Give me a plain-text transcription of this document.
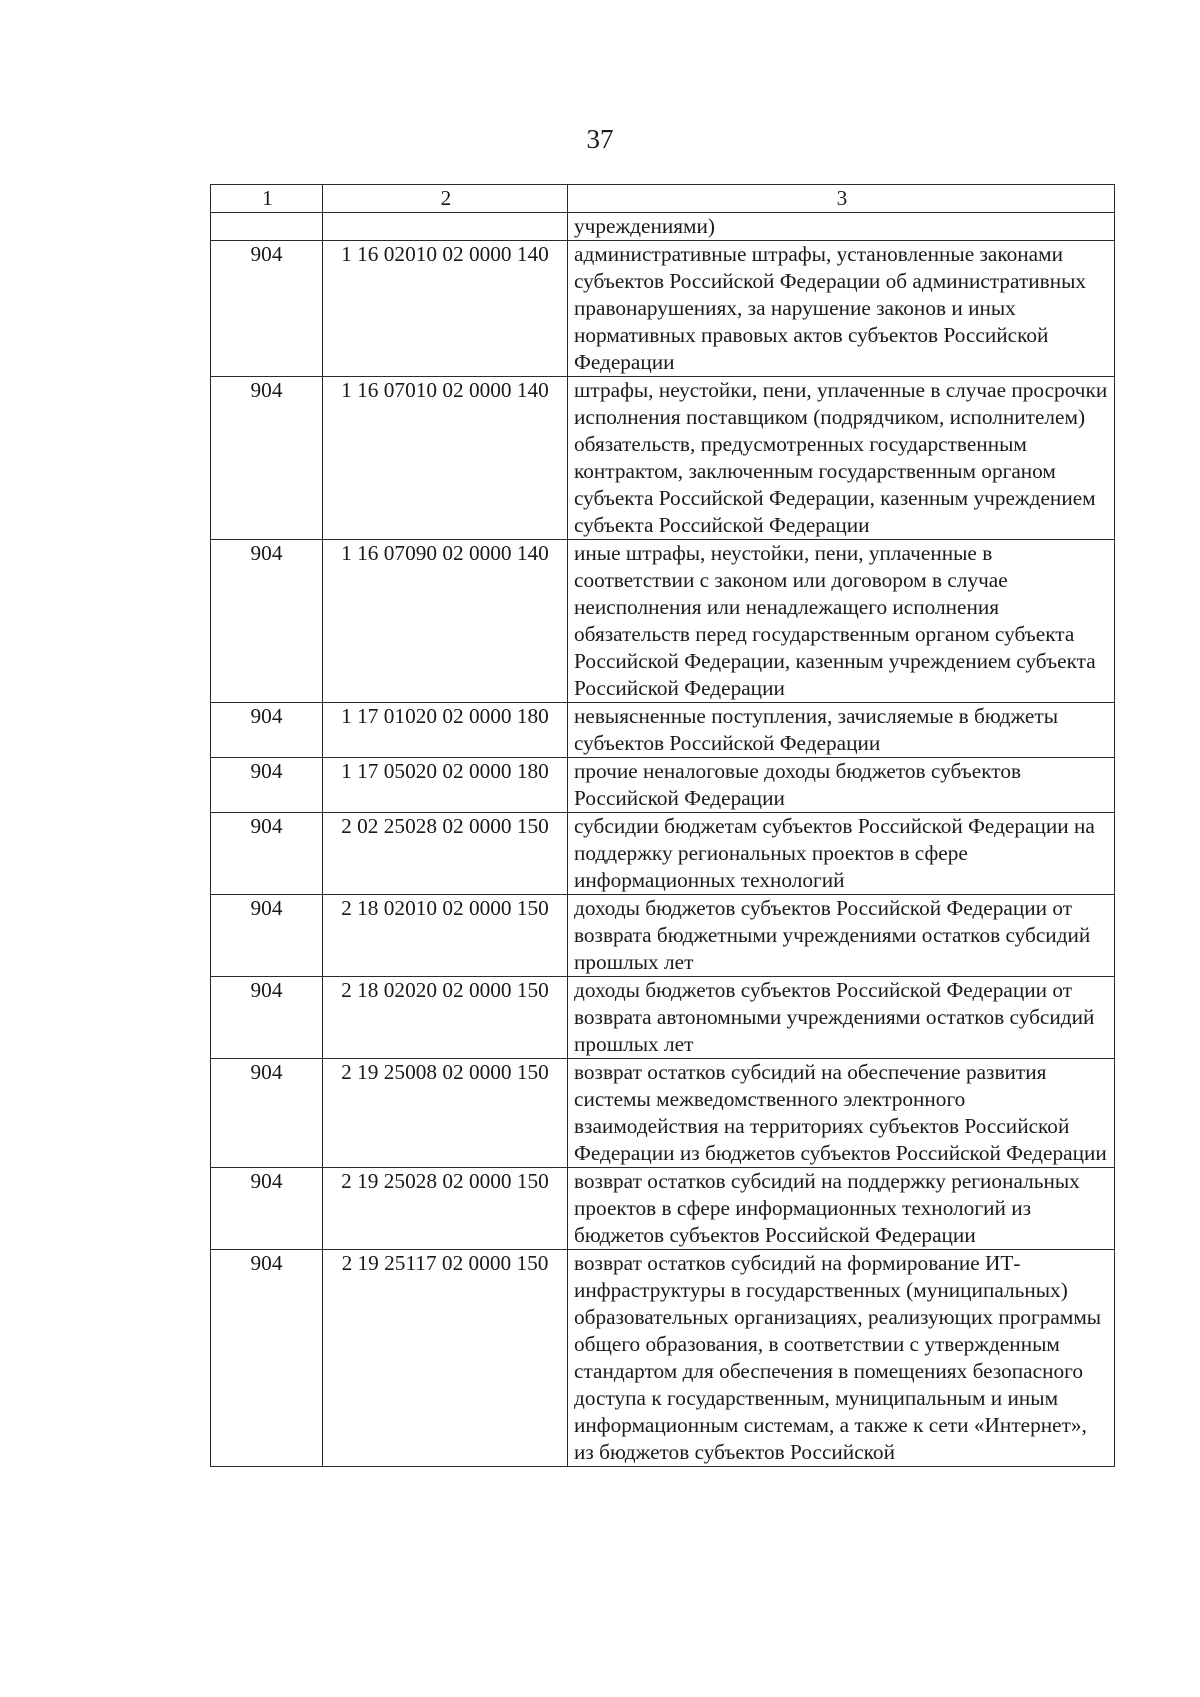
37
1	2	3
		учреждениями)
904	1 16 02010 02 0000 140	административные штрафы, установленные законами субъектов Российской Федерации об административных правонарушениях, за нарушение законов и иных нормативных правовых актов субъектов Российской Федерации
904	1 16 07010 02 0000 140	штрафы, неустойки, пени, уплаченные в случае просрочки исполнения поставщиком (подрядчиком, исполнителем) обязательств, предусмотренных государственным контрактом, заключенным государственным органом субъекта Российской Федерации, казенным учреждением субъекта Российской Федерации
904	1 16 07090 02 0000 140	иные штрафы, неустойки, пени, уплаченные в соответствии с законом или договором в случае неисполнения или ненадлежащего исполнения обязательств перед государственным органом субъекта Российской Федерации, казенным учреждением субъекта Российской Федерации
904	1 17 01020 02 0000 180	невыясненные поступления, зачисляемые в бюджеты субъектов Российской Федерации
904	1 17 05020 02 0000 180	прочие неналоговые доходы бюджетов субъектов Российской Федерации
904	2 02 25028 02 0000 150	субсидии бюджетам субъектов Российской Федерации на поддержку региональных проектов в сфере информационных технологий
904	2 18 02010 02 0000 150	доходы бюджетов субъектов Российской Федерации от возврата бюджетными учреждениями остатков субсидий прошлых лет
904	2 18 02020 02 0000 150	доходы бюджетов субъектов Российской Федерации от возврата автономными учреждениями остатков субсидий прошлых лет
904	2 19 25008 02 0000 150	возврат остатков субсидий на обеспечение развития системы межведомственного электронного взаимодействия на территориях субъектов Российской Федерации из бюджетов субъектов Российской Федерации
904	2 19 25028 02 0000 150	возврат остатков субсидий на поддержку региональных проектов в сфере информационных технологий из бюджетов субъектов Российской Федерации
904	2 19 25117 02 0000 150	возврат остатков субсидий на формирование ИТ-инфраструктуры в государственных (муниципальных) образовательных организациях, реализующих программы общего образования, в соответствии с утвержденным стандартом для обеспечения в помещениях безопасного доступа к государственным, муниципальным и иным информационным системам, а также к сети «Интернет», из бюджетов субъектов Российской
